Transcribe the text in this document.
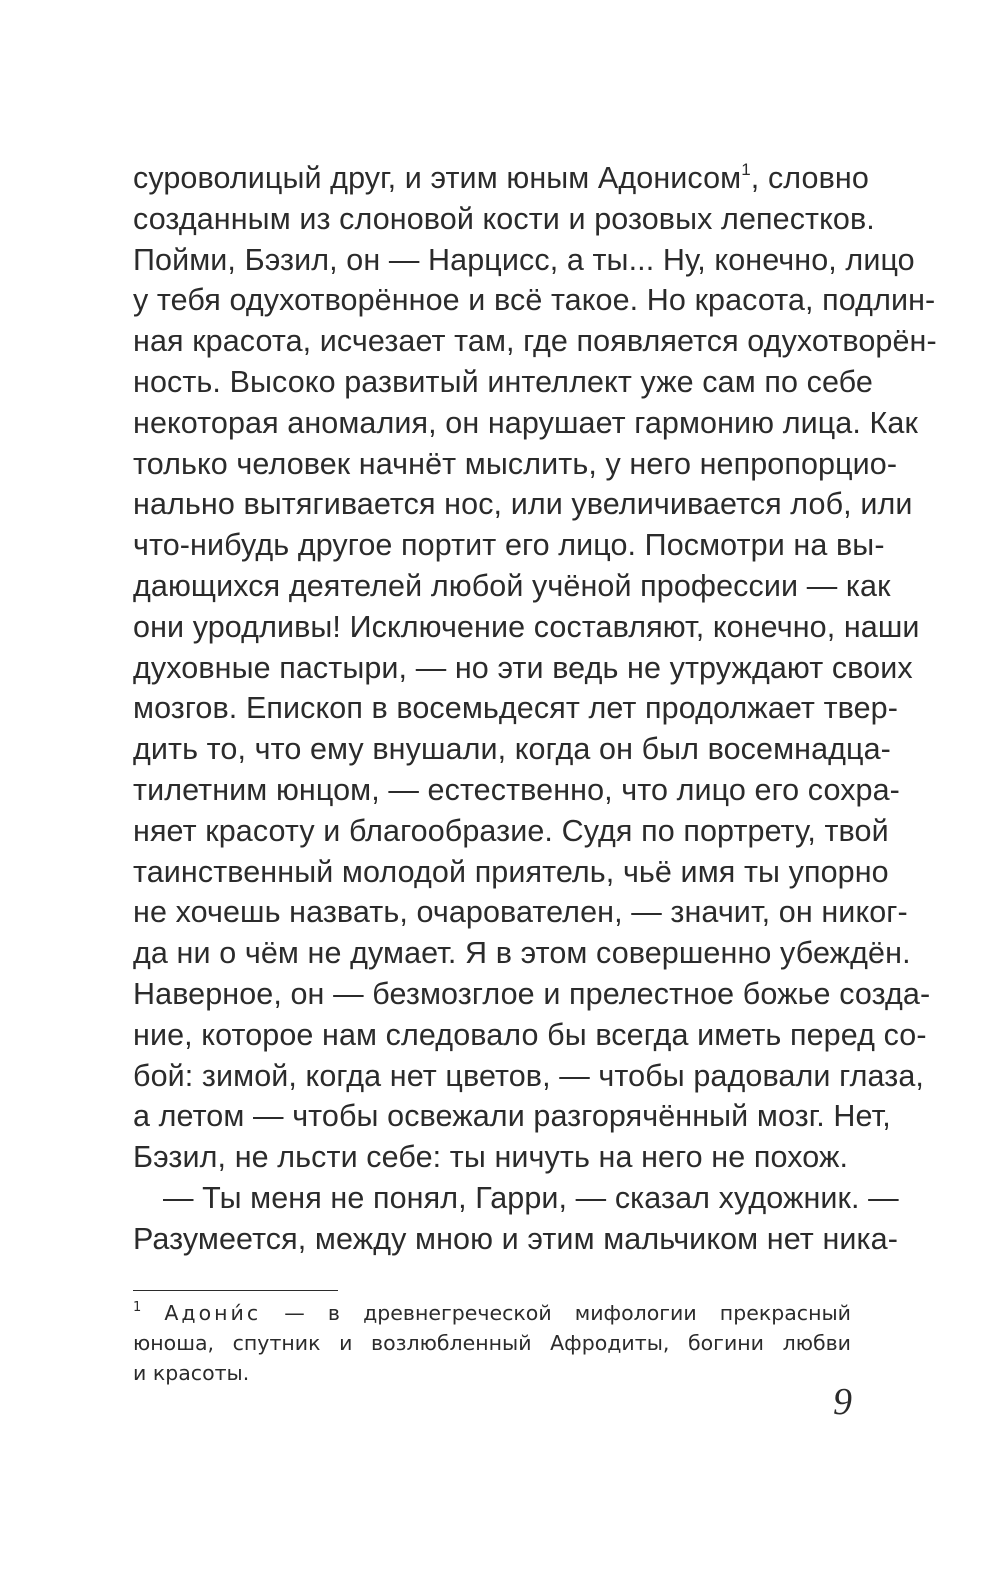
суроволицый друг, и этим юным Адонисом$^1$, словно
созданным из слоновой кости и розовых лепестков.
Пойми, Бэзил, он — Нарцисс, а ты... Ну, конечно, лицо
у тебя одухотворённое и всё такое. Но красота, подлин-
ная красота, исчезает там, где появляется одухотворён-
ность. Высоко развитый интеллект уже сам по себе
некоторая аномалия, он нарушает гармонию лица. Как
только человек начнёт мыслить, у него непропорцио-
нально вытягивается нос, или увеличивается лоб, или
что-нибудь другое портит его лицо. Посмотри на вы-
дающихся деятелей любой учёной профессии — как
они уродливы! Исключение составляют, конечно, наши
духовные пастыри, — но эти ведь не утруждают своих
мозгов. Епископ в восемьдесят лет продолжает твер-
дить то, что ему внушали, когда он был восемнадца-
тилетним юнцом, — естественно, что лицо его сохра-
няет красоту и благообразие. Судя по портрету, твой
таинственный молодой приятель, чьё имя ты упорно
не хочешь назвать, очарователен, — значит, он никог-
да ни о чём не думает. Я в этом совершенно убеждён.
Наверное, он — безмозглое и прелестное божье созда-
ние, которое нам следовало бы всегда иметь перед со-
бой: зимой, когда нет цветов, — чтобы радовали глаза,
а летом — чтобы освежали разгорячённый мозг. Нет,
Бэзил, не льсти себе: ты ничуть на него не похож.
— Ты меня не понял, Гарри, — сказал художник. —
Разумеется, между мною и этим мальчиком нет ника-
$^1$ Адони́с — в древнегреческой мифологии прекрасный
юноша, спутник и возлюбленный Афродиты, богини любви
и красоты.
9
